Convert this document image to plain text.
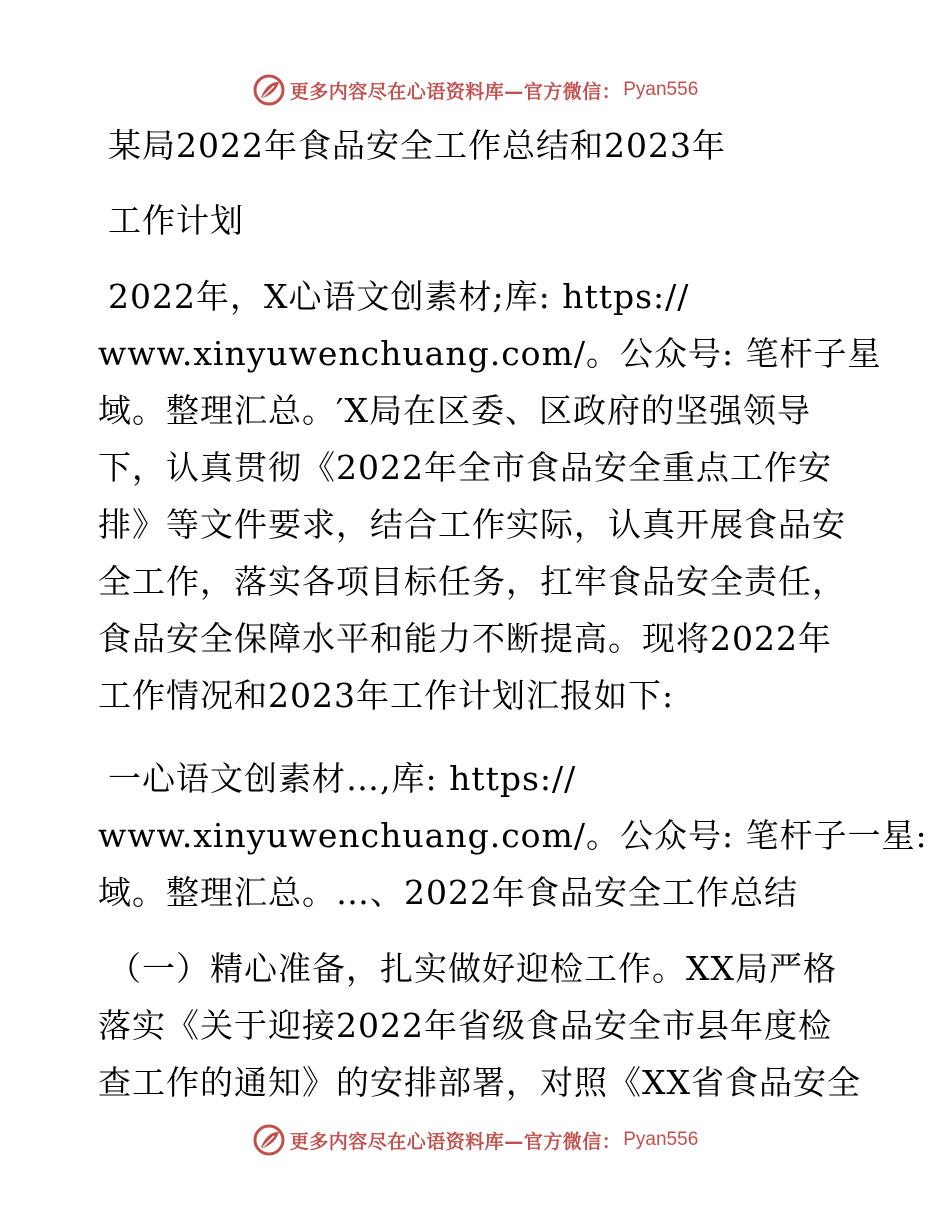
更多内容尽在心语资料库—官方微信： Pyan556
某局2022年食品安全工作总结和2023年
工作计划
2022年，X心语文创素材;库: https://
www.xinyuwenchuang.com/。公众号: 笔杆子星
域。整理汇总。′X局在区委、区政府的坚强领导
下，认真贯彻《2022年全市食品安全重点工作安
排》等文件要求，结合工作实际，认真开展食品安
全工作，落实各项目标任务，扛牢食品安全责任，
食品安全保障水平和能力不断提高。现将2022年
工作情况和2023年工作计划汇报如下:
一心语文创素材…,库: https://
www.xinyuwenchuang.com/。公众号: 笔杆子一星:
域。整理汇总。…、2022年食品安全工作总结
（一）精心准备，扎实做好迎检工作。XX局严格
落实《关于迎接2022年省级食品安全市县年度检
查工作的通知》的安排部署，对照《XX省食品安全
更多内容尽在心语资料库—官方微信： Pyan556
